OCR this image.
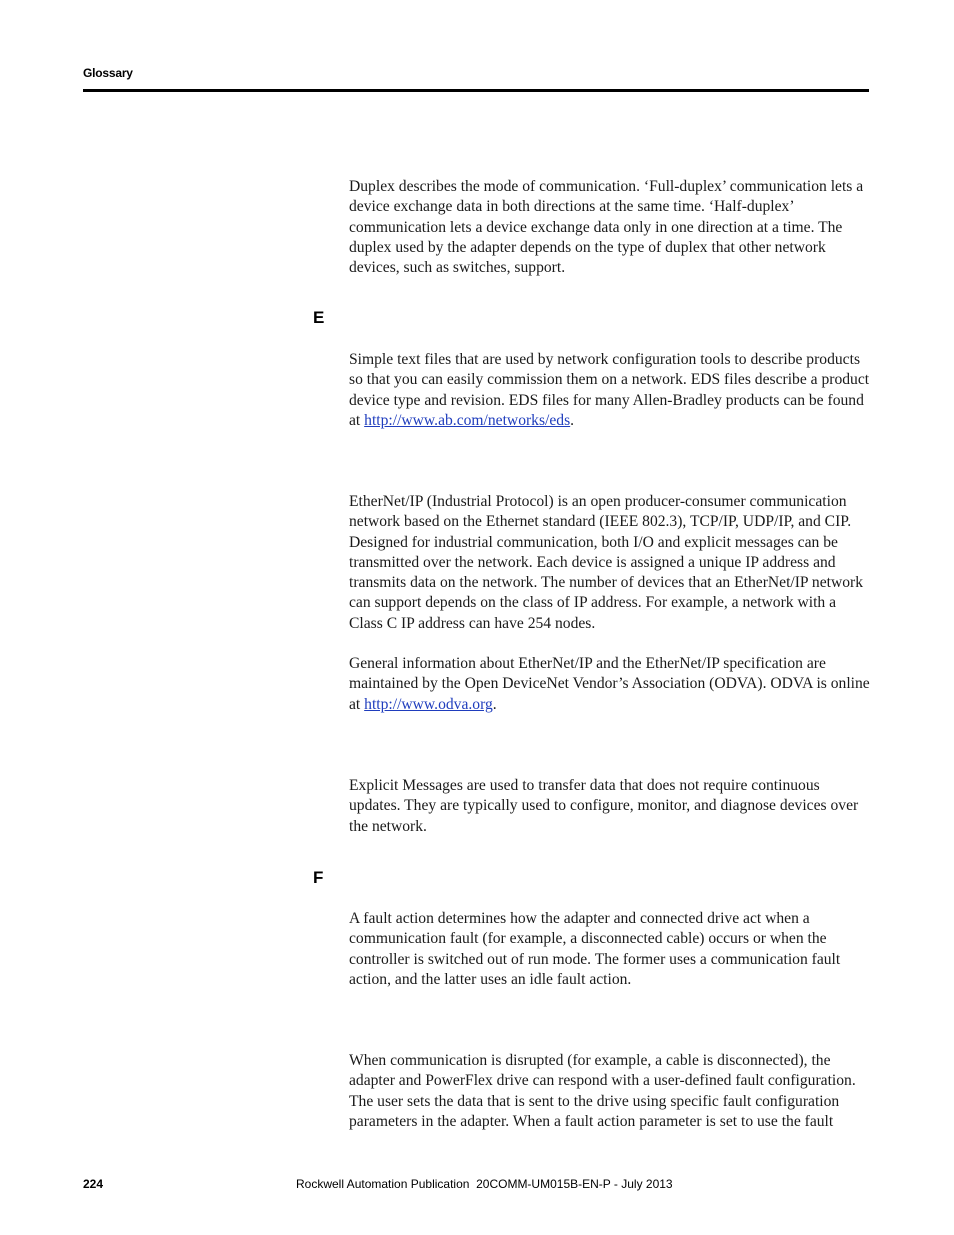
Glossary

Duplex describes the mode of communication. ‘Full-duplex’ communication lets a device exchange data in both directions at the same time. ‘Half-duplex’ communication lets a device exchange data only in one direction at a time. The duplex used by the adapter depends on the type of duplex that other network devices, such as switches, support.

E

Simple text files that are used by network configuration tools to describe products so that you can easily commission them on a network. EDS files describe a product device type and revision. EDS files for many Allen-Bradley products can be found at http://www.ab.com/networks/eds.

EtherNet/IP (Industrial Protocol) is an open producer-consumer communication network based on the Ethernet standard (IEEE 802.3), TCP/IP, UDP/IP, and CIP. Designed for industrial communication, both I/O and explicit messages can be transmitted over the network. Each device is assigned a unique IP address and transmits data on the network. The number of devices that an EtherNet/IP network can support depends on the class of IP address. For example, a network with a Class C IP address can have 254 nodes.

General information about EtherNet/IP and the EtherNet/IP specification are maintained by the Open DeviceNet Vendor’s Association (ODVA). ODVA is online at http://www.odva.org.

Explicit Messages are used to transfer data that does not require continuous updates. They are typically used to configure, monitor, and diagnose devices over the network.

F

A fault action determines how the adapter and connected drive act when a communication fault (for example, a disconnected cable) occurs or when the controller is switched out of run mode. The former uses a communication fault action, and the latter uses an idle fault action.

When communication is disrupted (for example, a cable is disconnected), the adapter and PowerFlex drive can respond with a user-defined fault configuration. The user sets the data that is sent to the drive using specific fault configuration parameters in the adapter. When a fault action parameter is set to use the fault

224	Rockwell Automation Publication  20COMM-UM015B-EN-P - July 2013
